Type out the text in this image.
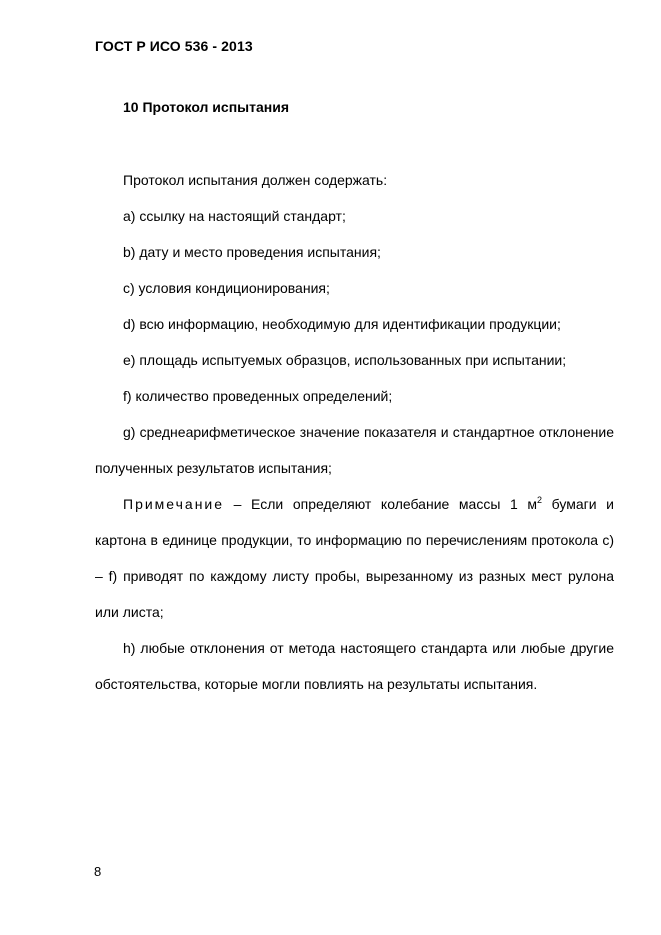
ГОСТ Р ИСО 536 - 2013
10 Протокол испытания

Протокол испытания должен содержать:

а) ссылку на настоящий стандарт;

b) дату и место проведения испытания;

с) условия кондиционирования;

d) всю информацию, необходимую для идентификации продукции;

е) площадь испытуемых образцов, использованных при испытании;

f) количество проведенных определений;

g) среднеарифметическое значение показателя и стандартное отклонение полученных результатов испытания;

Примечание – Если определяют колебание массы 1 $м^2$ бумаги и картона в единице продукции, то информацию по перечислениям протокола с) – f) приводят по каждому листу пробы, вырезанному из разных мест рулона или листа;

h) любые отклонения от метода настоящего стандарта или любые другие обстоятельства, которые могли повлиять на результаты испытания.

8
